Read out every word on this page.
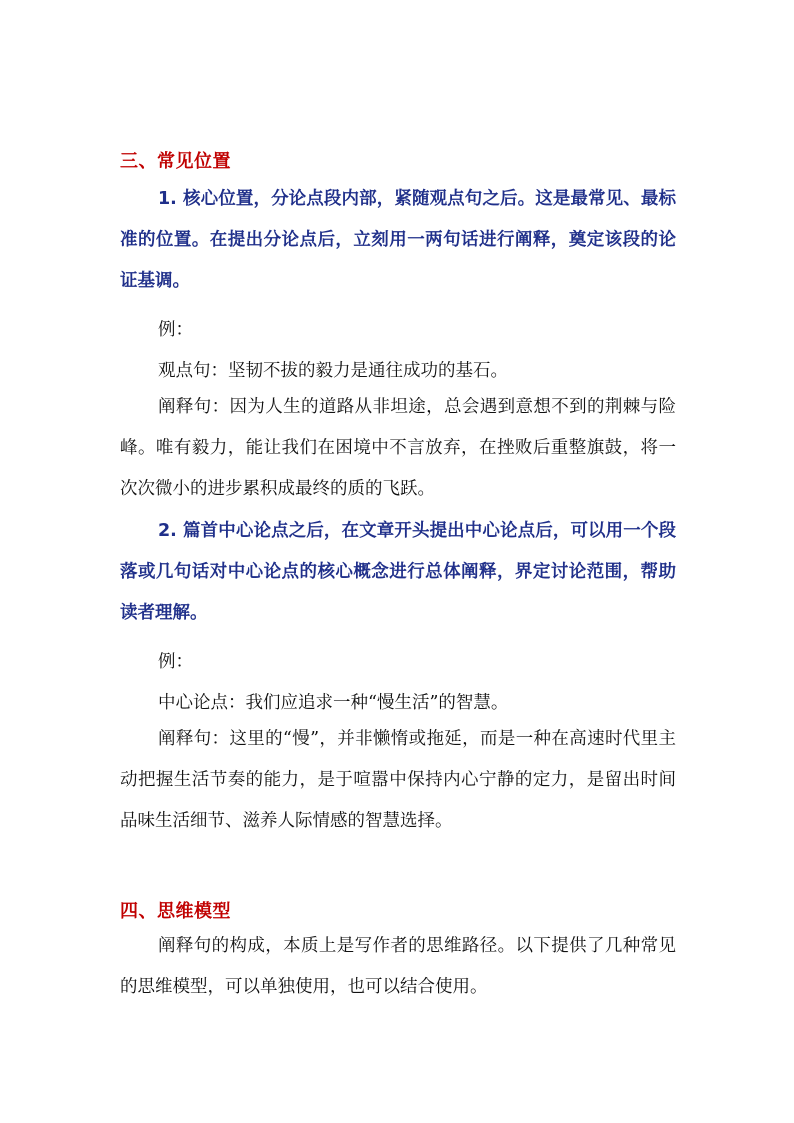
三、常见位置

1. 核心位置，分论点段内部，紧随观点句之后。这是最常见、最标准的位置。在提出分论点后，立刻用一两句话进行阐释，奠定该段的论证基调。

例：
观点句：坚韧不拔的毅力是通往成功的基石。

阐释句：因为人生的道路从非坦途，总会遇到意想不到的荆棘与险峰。唯有毅力，能让我们在困境中不言放弃，在挫败后重整旗鼓，将一次次微小的进步累积成最终的质的飞跃。

2. 篇首中心论点之后，在文章开头提出中心论点后，可以用一个段落或几句话对中心论点的核心概念进行总体阐释，界定讨论范围，帮助读者理解。

例：
中心论点：我们应追求一种“慢生活”的智慧。

阐释句：这里的“慢”，并非懒惰或拖延，而是一种在高速时代里主动把握生活节奏的能力，是于喧嚣中保持内心宁静的定力，是留出时间品味生活细节、滋养人际情感的智慧选择。

四、思维模型

阐释句的构成，本质上是写作者的思维路径。以下提供了几种常见的思维模型，可以单独使用，也可以结合使用。
